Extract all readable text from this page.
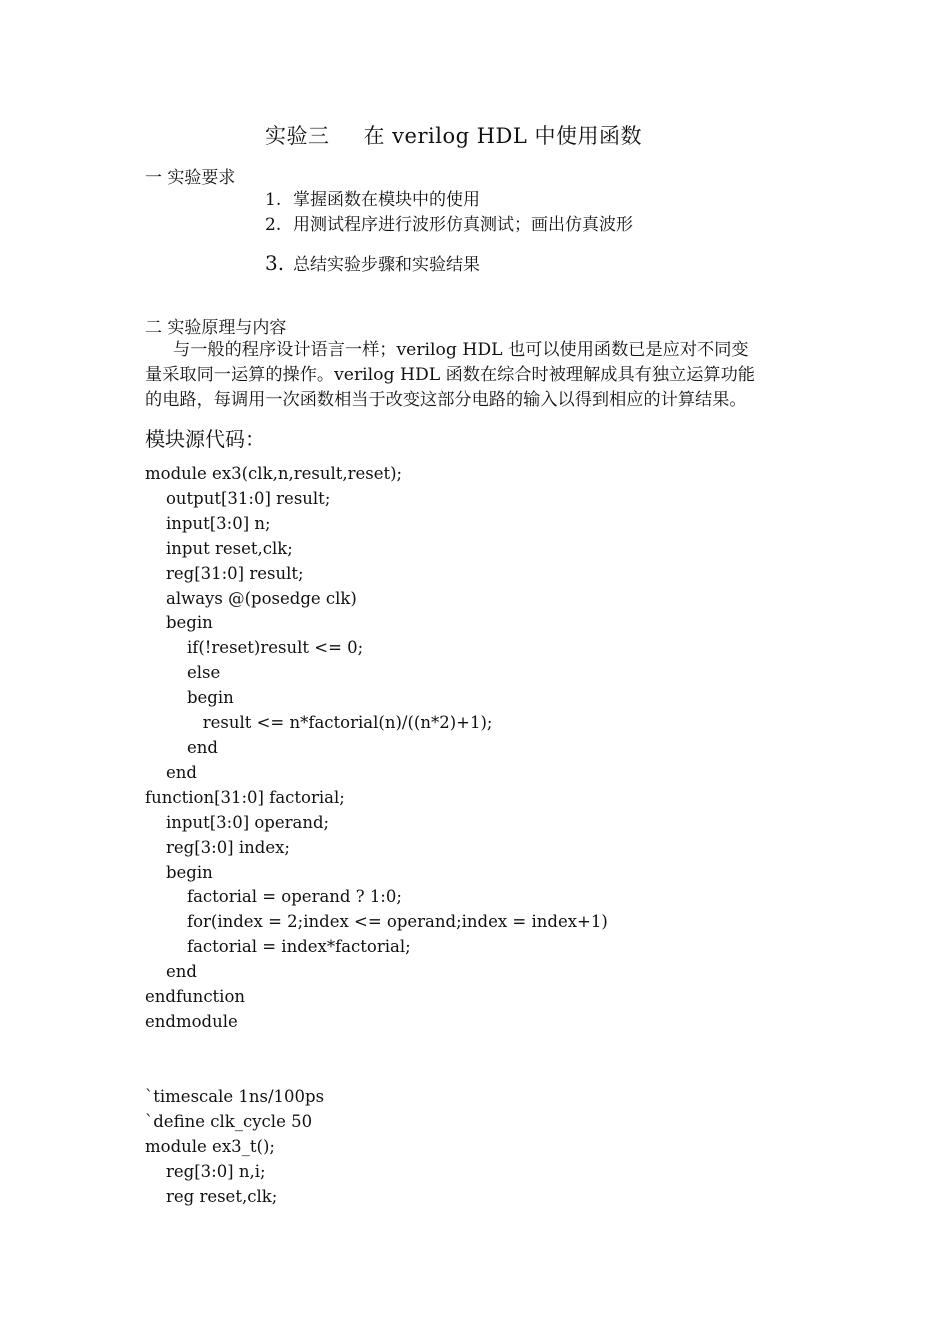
实验三 在 verilog HDL 中使用函数
一 实验要求
1. 掌握函数在模块中的使用
2. 用测试程序进行波形仿真测试；画出仿真波形
3. 总结实验步骤和实验结果
二 实验原理与内容
与一般的程序设计语言一样；verilog HDL 也可以使用函数已是应对不同变
量采取同一运算的操作。verilog HDL 函数在综合时被理解成具有独立运算功能
的电路，每调用一次函数相当于改变这部分电路的输入以得到相应的计算结果。
模块源代码：
module ex3(clk,n,result,reset);
output[31:0] result;
input[3:0] n;
input reset,clk;
reg[31:0] result;
always @(posedge clk)
begin
if(!reset)result <= 0;
else
begin
result <= n*factorial(n)/((n*2)+1);
end
end
function[31:0] factorial;
input[3:0] operand;
reg[3:0] index;
begin
factorial = operand ? 1:0;
for(index = 2;index <= operand;index = index+1)
factorial = index*factorial;
end
endfunction
endmodule
`timescale 1ns/100ps
`define clk_cycle 50
module ex3_t();
reg[3:0] n,i;
reg reset,clk;
